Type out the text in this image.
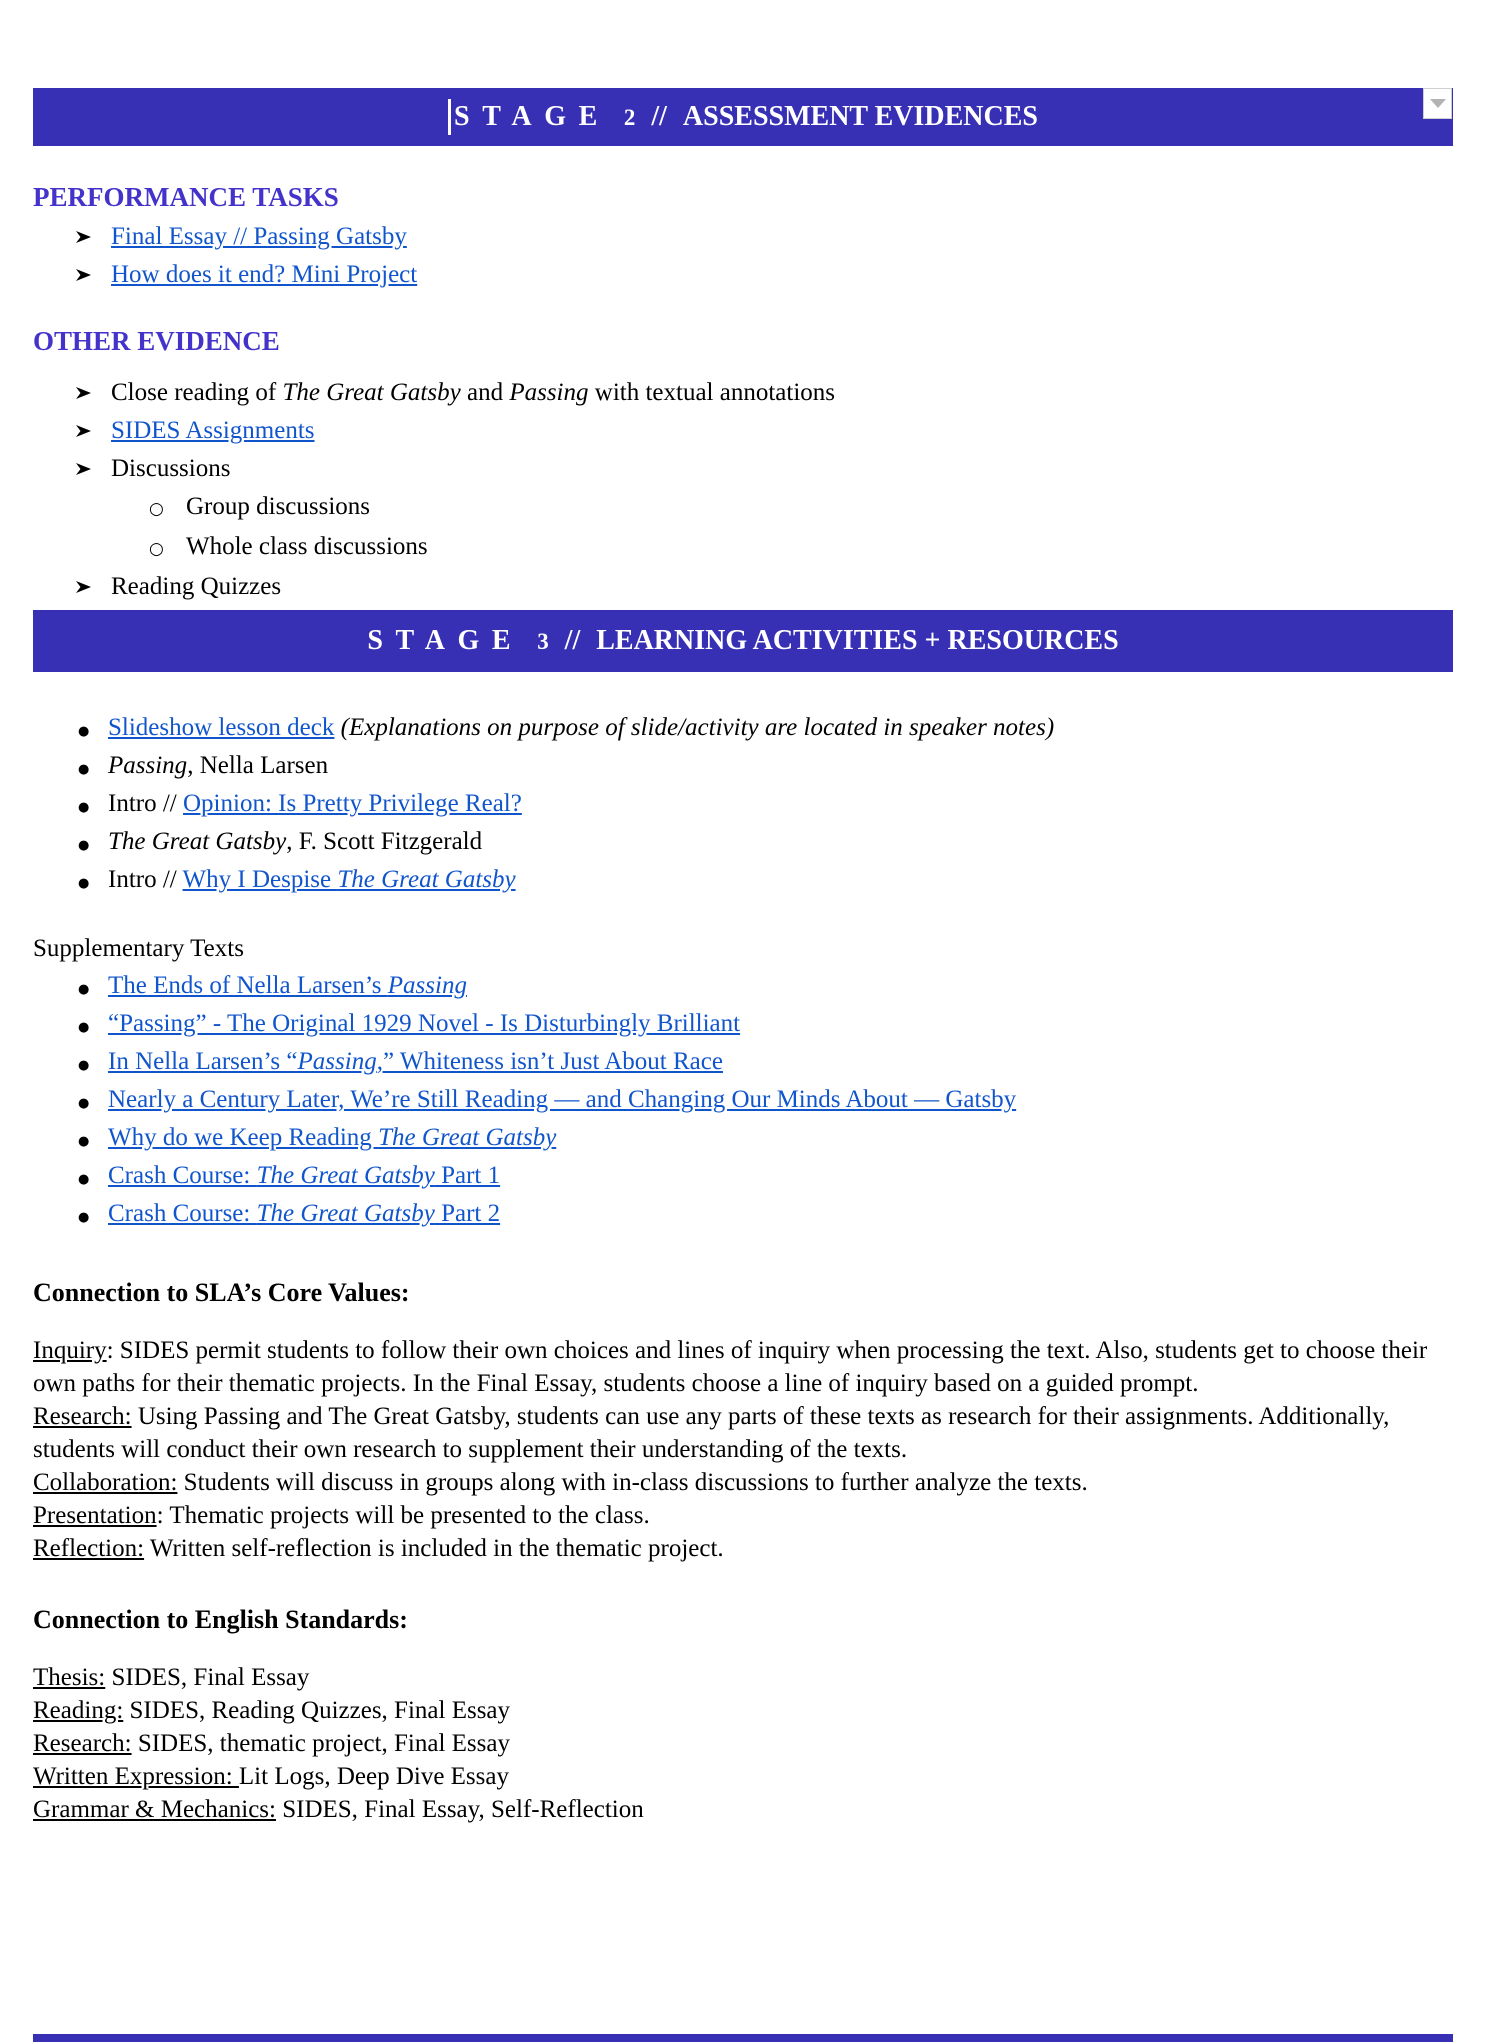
STAGE 2 // ASSESSMENT EVIDENCES
PERFORMANCE TASKS
Final Essay // Passing Gatsby
How does it end? Mini Project
OTHER EVIDENCE
Close reading of The Great Gatsby and Passing with textual annotations
SIDES Assignments
Discussions
○ Group discussions
○ Whole class discussions
Reading Quizzes
STAGE 3 // LEARNING ACTIVITIES + RESOURCES
● Slideshow lesson deck (Explanations on purpose of slide/activity are located in speaker notes)
● Passing, Nella Larsen
● Intro // Opinion: Is Pretty Privilege Real?
● The Great Gatsby, F. Scott Fitzgerald
● Intro // Why I Despise The Great Gatsby
Supplementary Texts
● The Ends of Nella Larsen’s Passing
● “Passing” - The Original 1929 Novel - Is Disturbingly Brilliant
● In Nella Larsen’s “Passing,” Whiteness isn’t Just About Race
● Nearly a Century Later, We’re Still Reading — and Changing Our Minds About — Gatsby
● Why do we Keep Reading The Great Gatsby
● Crash Course: The Great Gatsby Part 1
● Crash Course: The Great Gatsby Part 2
Connection to SLA’s Core Values:
Inquiry: SIDES permit students to follow their own choices and lines of inquiry when processing the text. Also, students get to choose their own paths for their thematic projects. In the Final Essay, students choose a line of inquiry based on a guided prompt.
Research: Using Passing and The Great Gatsby, students can use any parts of these texts as research for their assignments. Additionally, students will conduct their own research to supplement their understanding of the texts.
Collaboration: Students will discuss in groups along with in-class discussions to further analyze the texts.
Presentation: Thematic projects will be presented to the class.
Reflection: Written self-reflection is included in the thematic project.
Connection to English Standards:
Thesis: SIDES, Final Essay
Reading: SIDES, Reading Quizzes, Final Essay
Research: SIDES, thematic project, Final Essay
Written Expression: Lit Logs, Deep Dive Essay
Grammar & Mechanics: SIDES, Final Essay, Self-Reflection
